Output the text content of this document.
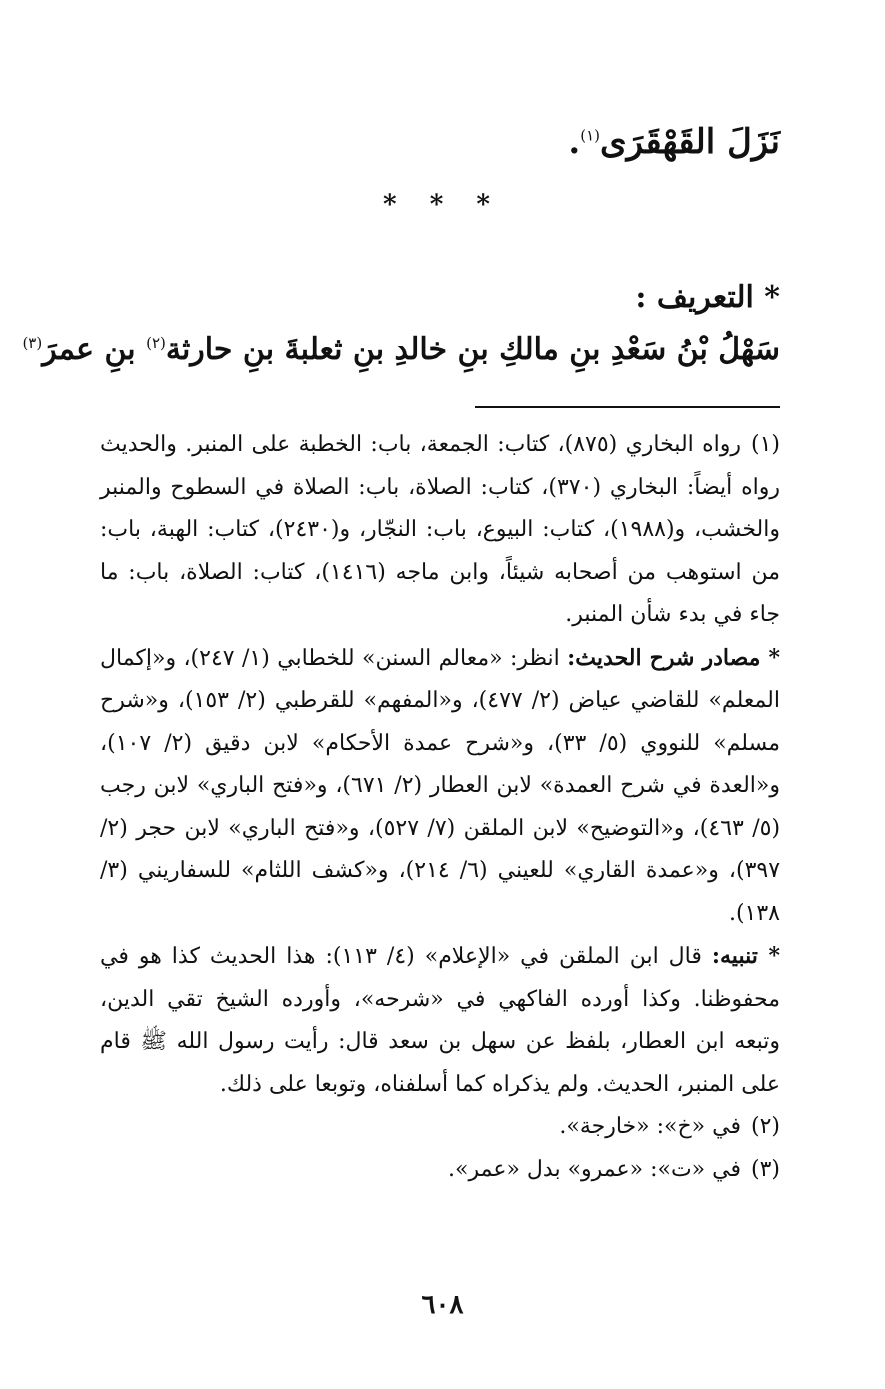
نَزَلَ القَهْقَرَى$^{(١)}$.
* * *
* التعريف :
سَهْلُ بْنُ سَعْدِ بنِ مالكِ بنِ خالدِ بنِ ثعلبةَ بنِ حارثة$^{(٢)}$ بنِ عمرَ$^{(٣)}$

(١)رواه البخاري (٨٧٥)، كتاب: الجمعة، باب: الخطبة على المنبر. والحديث رواه أيضاً: البخاري (٣٧٠)، كتاب: الصلاة، باب: الصلاة في السطوح والمنبر والخشب، و(١٩٨٨)، كتاب: البيوع، باب: النجّار، و(٢٤٣٠)، كتاب: الهبة، باب: من استوهب من أصحابه شيئاً، وابن ماجه (١٤١٦)، كتاب: الصلاة، باب: ما جاء في بدء شأن المنبر.

* مصادر شرح الحديث: انظر: «معالم السنن» للخطابي (١/ ٢٤٧)، و«إكمال المعلم» للقاضي عياض (٢/ ٤٧٧)، و«المفهم» للقرطبي (٢/ ١٥٣)، و«شرح مسلم» للنووي (٥/ ٣٣)، و«شرح عمدة الأحكام» لابن دقيق (٢/ ١٠٧)، و«العدة في شرح العمدة» لابن العطار (٢/ ٦٧١)، و«فتح الباري» لابن رجب (٥/ ٤٦٣)، و«التوضيح» لابن الملقن (٧/ ٥٢٧)، و«فتح الباري» لابن حجر (٢/ ٣٩٧)، و«عمدة القاري» للعيني (٦/ ٢١٤)، و«كشف اللثام» للسفاريني (٣/ ١٣٨).

* تنبيه: قال ابن الملقن في «الإعلام» (٤/ ١١٣): هذا الحديث كذا هو في محفوظنا. وكذا أورده الفاكهي في «شرحه»، وأورده الشيخ تقي الدين، وتبعه ابن العطار، بلفظ عن سهل بن سعد قال: رأيت رسول الله ﷺ قام على المنبر، الحديث. ولم يذكراه كما أسلفناه، وتوبعا على ذلك.

(٢)في «خ»: «خارجة».

(٣)في «ت»: «عمرو» بدل «عمر».

٦٠٨
